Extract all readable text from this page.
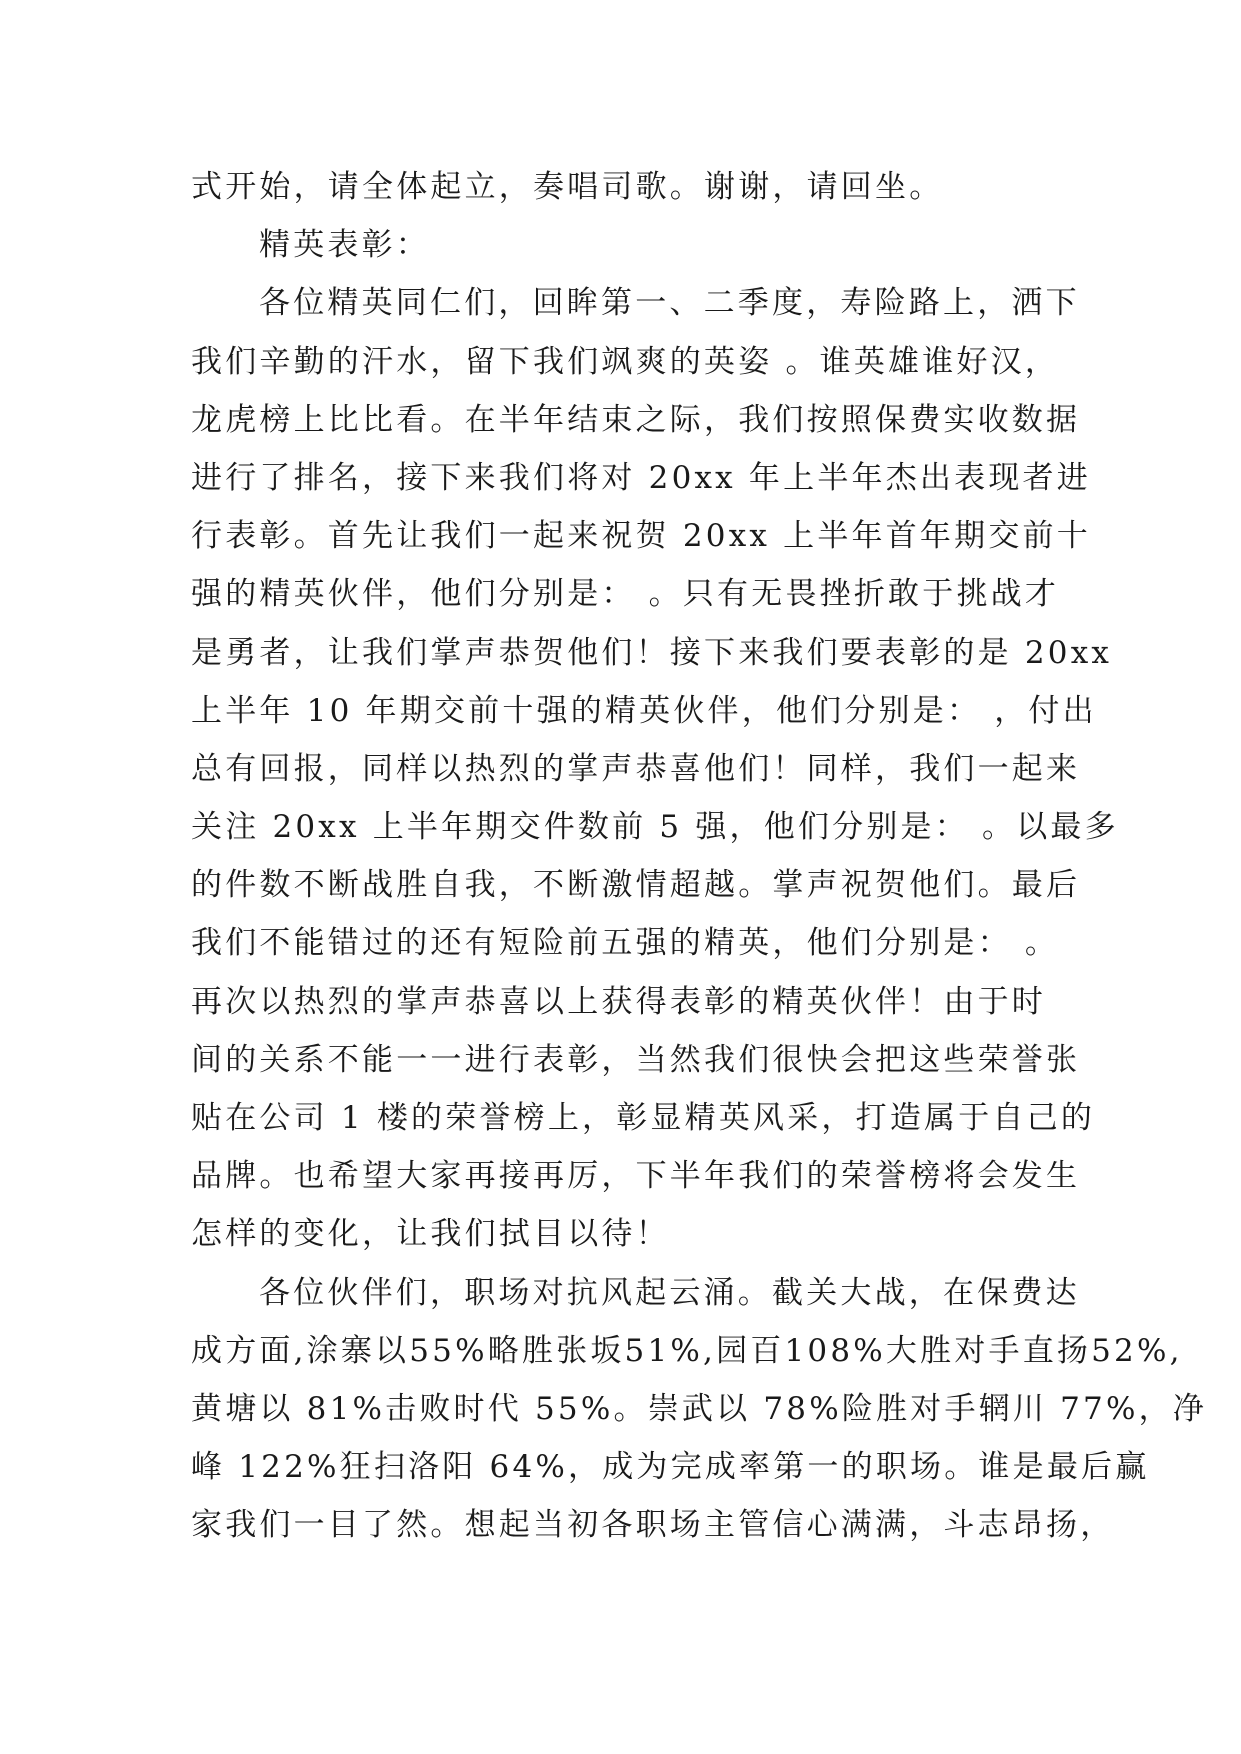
式开始，请全体起立，奏唱司歌。谢谢，请回坐。
精英表彰：
各位精英同仁们，回眸第一、二季度，寿险路上，洒下
我们辛勤的汗水，留下我们飒爽的英姿 。谁英雄谁好汉，
龙虎榜上比比看。在半年结束之际，我们按照保费实收数据
进行了排名，接下来我们将对 20xx 年上半年杰出表现者进
行表彰。首先让我们一起来祝贺 20xx 上半年首年期交前十
强的精英伙伴，他们分别是： 。只有无畏挫折敢于挑战才
是勇者，让我们掌声恭贺他们！接下来我们要表彰的是 20xx
上半年 10 年期交前十强的精英伙伴，他们分别是： ，付出
总有回报，同样以热烈的掌声恭喜他们！同样，我们一起来
关注 20xx 上半年期交件数前 5 强，他们分别是： 。以最多
的件数不断战胜自我，不断激情超越。掌声祝贺他们。最后
我们不能错过的还有短险前五强的精英，他们分别是： 。
再次以热烈的掌声恭喜以上获得表彰的精英伙伴！由于时
间的关系不能一一进行表彰，当然我们很快会把这些荣誉张
贴在公司 1 楼的荣誉榜上，彰显精英风采，打造属于自己的
品牌。也希望大家再接再厉，下半年我们的荣誉榜将会发生
怎样的变化，让我们拭目以待！
各位伙伴们，职场对抗风起云涌。截关大战，在保费达
成方面,涂寨以55%略胜张坂51%,园百108%大胜对手直扬52%,
黄塘以 81%击败时代 55%。崇武以 78%险胜对手辋川 77%，净
峰 122%狂扫洛阳 64%，成为完成率第一的职场。谁是最后赢
家我们一目了然。想起当初各职场主管信心满满，斗志昂扬，
